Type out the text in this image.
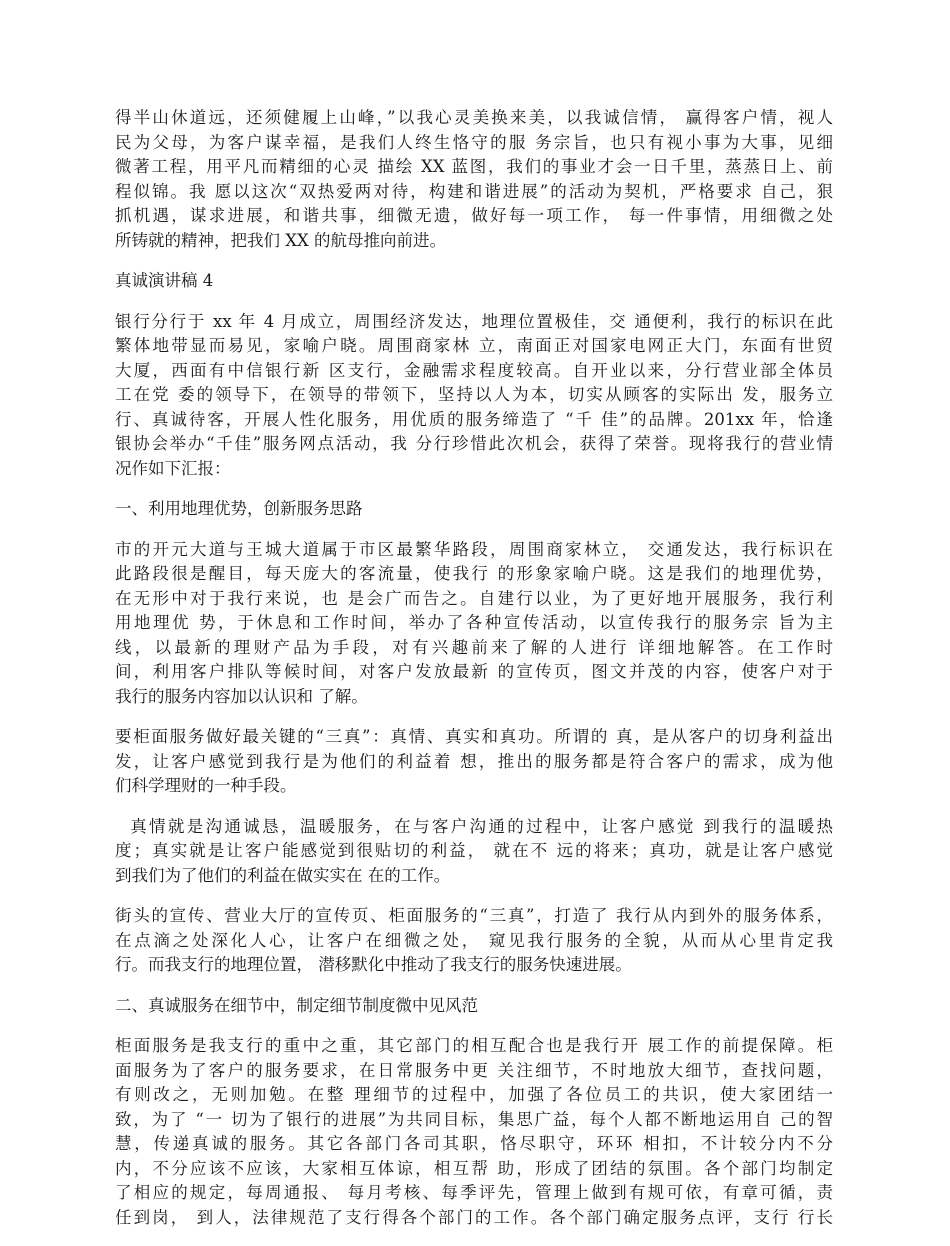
得半山休道远，还须健履上山峰，”以我心灵美换来美，以我诚信情， 赢得客户情，视人
民为父母，为客户谋幸福，是我们人终生恪守的服 务宗旨，也只有视小事为大事，见细
微著工程，用平凡而精细的心灵 描绘 XX 蓝图，我们的事业才会一日千里，蒸蒸日上、前
程似锦。我 愿以这次“双热爱两对待，构建和谐进展”的活动为契机，严格要求 自己，狠
抓机遇，谋求进展，和谐共事，细微无遗，做好每一项工作， 每一件事情，用细微之处
所铸就的精神，把我们 XX 的航母推向前进。
真诚演讲稿 4
银行分行于 xx 年 4 月成立，周围经济发达，地理位置极佳，交 通便利，我行的标识在此
繁体地带显而易见，家喻户晓。周围商家林 立，南面正对国家电网正大门，东面有世贸
大厦，西面有中信银行新 区支行，金融需求程度较高。自开业以来，分行营业部全体员
工在党 委的领导下，在领导的带领下，坚持以人为本，切实从顾客的实际出 发，服务立
行、真诚待客，开展人性化服务，用优质的服务缔造了 “千 佳”的品牌。201xx 年，恰逢
银协会举办“千佳”服务网点活动，我 分行珍惜此次机会，获得了荣誉。现将我行的营业情
况作如下汇报：
一、利用地理优势，创新服务思路
市的开元大道与王城大道属于市区最繁华路段，周围商家林立， 交通发达，我行标识在
此路段很是醒目，每天庞大的客流量，使我行 的形象家喻户晓。这是我们的地理优势，
在无形中对于我行来说，也 是会广而告之。自建行以业，为了更好地开展服务，我行利
用地理优 势，于休息和工作时间，举办了各种宣传活动，以宣传我行的服务宗 旨为主
线，以最新的理财产品为手段，对有兴趣前来了解的人进行 详细地解答。在工作时
间，利用客户排队等候时间，对客户发放最新 的宣传页，图文并茂的内容，使客户对于
我行的服务内容加以认识和 了解。
要柜面服务做好最关键的“三真”：真情、真实和真功。所谓的 真，是从客户的切身利益出
发，让客户感觉到我行是为他们的利益着 想，推出的服务都是符合客户的需求，成为他
们科学理财的一种手段。
真情就是沟通诚恳，温暖服务，在与客户沟通的过程中，让客户感觉 到我行的温暖热
度；真实就是让客户能感觉到很贴切的利益， 就在不 远的将来；真功，就是让客户感觉
到我们为了他们的利益在做实实在 在的工作。
街头的宣传、营业大厅的宣传页、柜面服务的“三真”，打造了 我行从内到外的服务体系，
在点滴之处深化人心，让客户在细微之处， 窥见我行服务的全貌，从而从心里肯定我
行。而我支行的地理位置， 潜移默化中推动了我支行的服务快速进展。
二、真诚服务在细节中，制定细节制度微中见风范
柜面服务是我支行的重中之重，其它部门的相互配合也是我行开 展工作的前提保障。柜
面服务为了客户的服务要求，在日常服务中更 关注细节，不时地放大细节，查找问题，
有则改之，无则加勉。在整 理细节的过程中，加强了各位员工的共识，使大家团结一
致，为了 “一 切为了银行的进展”为共同目标，集思广益，每个人都不断地运用自 己的智
慧，传递真诚的服务。其它各部门各司其职，恪尽职守，环环 相扣，不计较分内不分
内，不分应该不应该，大家相互体谅，相互帮 助，形成了团结的氛围。各个部门均制定
了相应的规定，每周通报、 每月考核、每季评先，管理上做到有规可依，有章可循，责
任到岗， 到人，法律规范了支行得各个部门的工作。各个部门确定服务点评，支行 行长
